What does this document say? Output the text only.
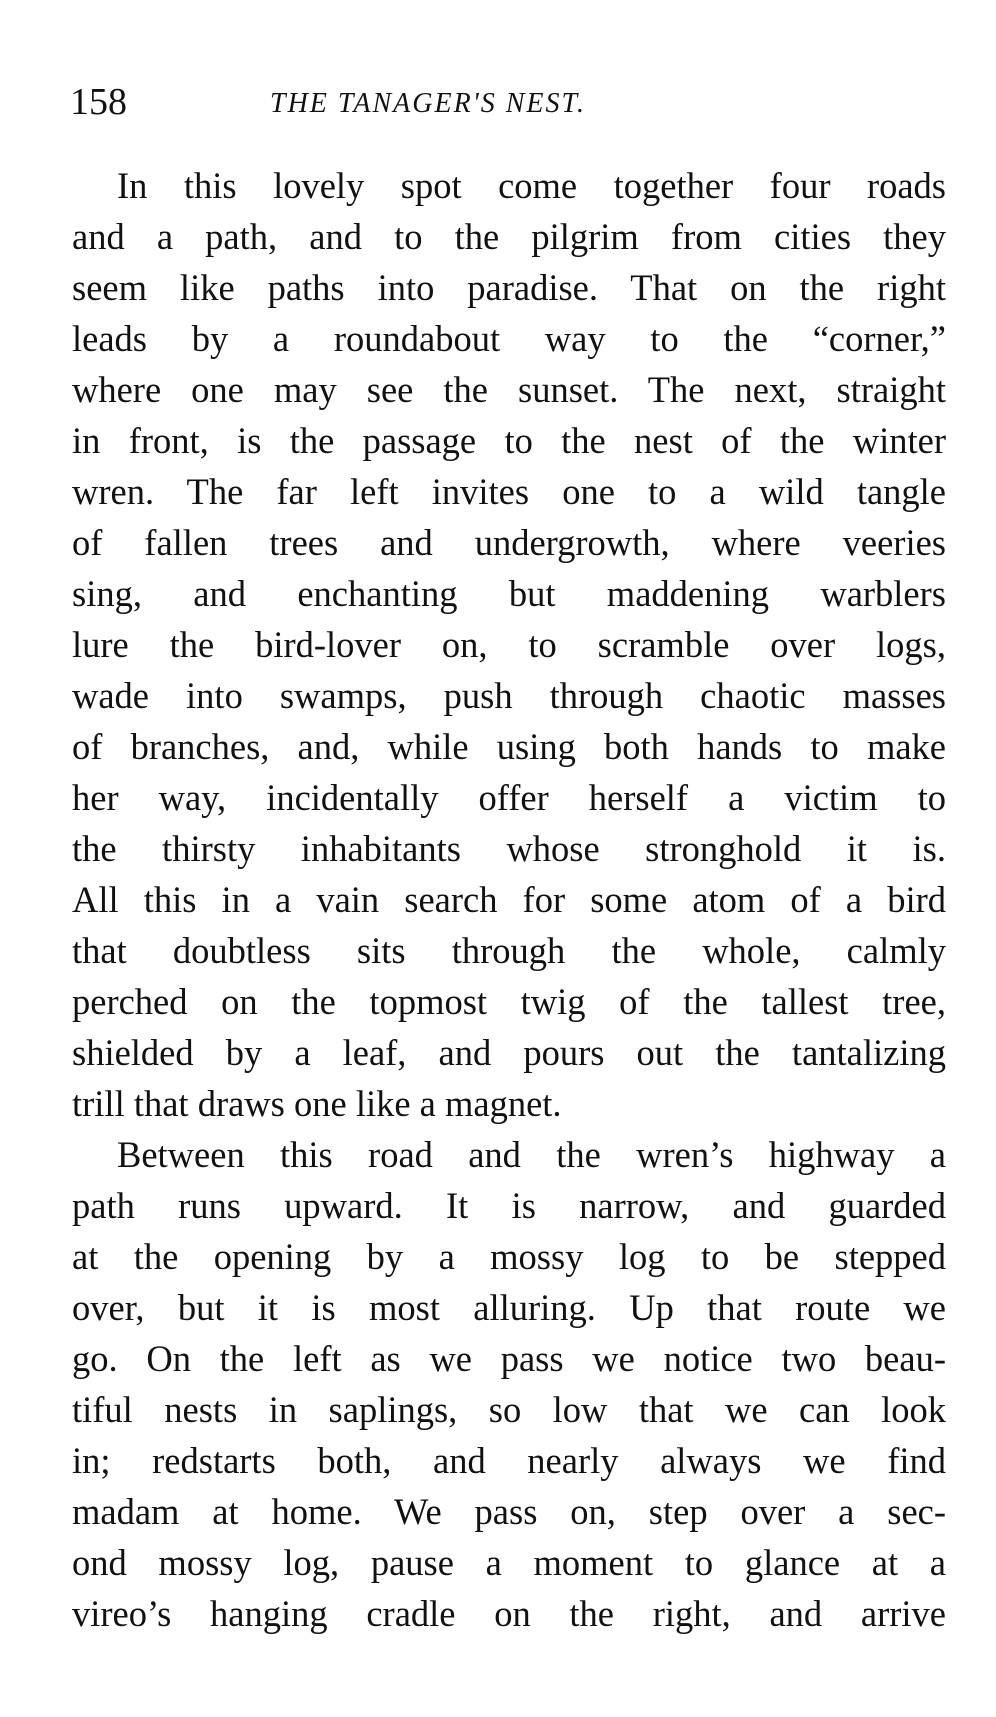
158	THE TANAGER'S NEST.
In this lovely spot come together four roads
and a path, and to the pilgrim from cities they
seem like paths into paradise. That on the right
leads by a roundabout way to the “corner,”
where one may see the sunset. The next, straight
in front, is the passage to the nest of the winter
wren. The far left invites one to a wild tangle
of fallen trees and undergrowth, where veeries
sing, and enchanting but maddening warblers
lure the bird-lover on, to scramble over logs,
wade into swamps, push through chaotic masses
of branches, and, while using both hands to make
her way, incidentally offer herself a victim to
the thirsty inhabitants whose stronghold it is.
All this in a vain search for some atom of a bird
that doubtless sits through the whole, calmly
perched on the topmost twig of the tallest tree,
shielded by a leaf, and pours out the tantalizing
trill that draws one like a magnet.
Between this road and the wren’s highway a
path runs upward. It is narrow, and guarded
at the opening by a mossy log to be stepped
over, but it is most alluring. Up that route we
go. On the left as we pass we notice two beau-
tiful nests in saplings, so low that we can look
in; redstarts both, and nearly always we find
madam at home. We pass on, step over a sec-
ond mossy log, pause a moment to glance at a
vireo’s hanging cradle on the right, and arrive
